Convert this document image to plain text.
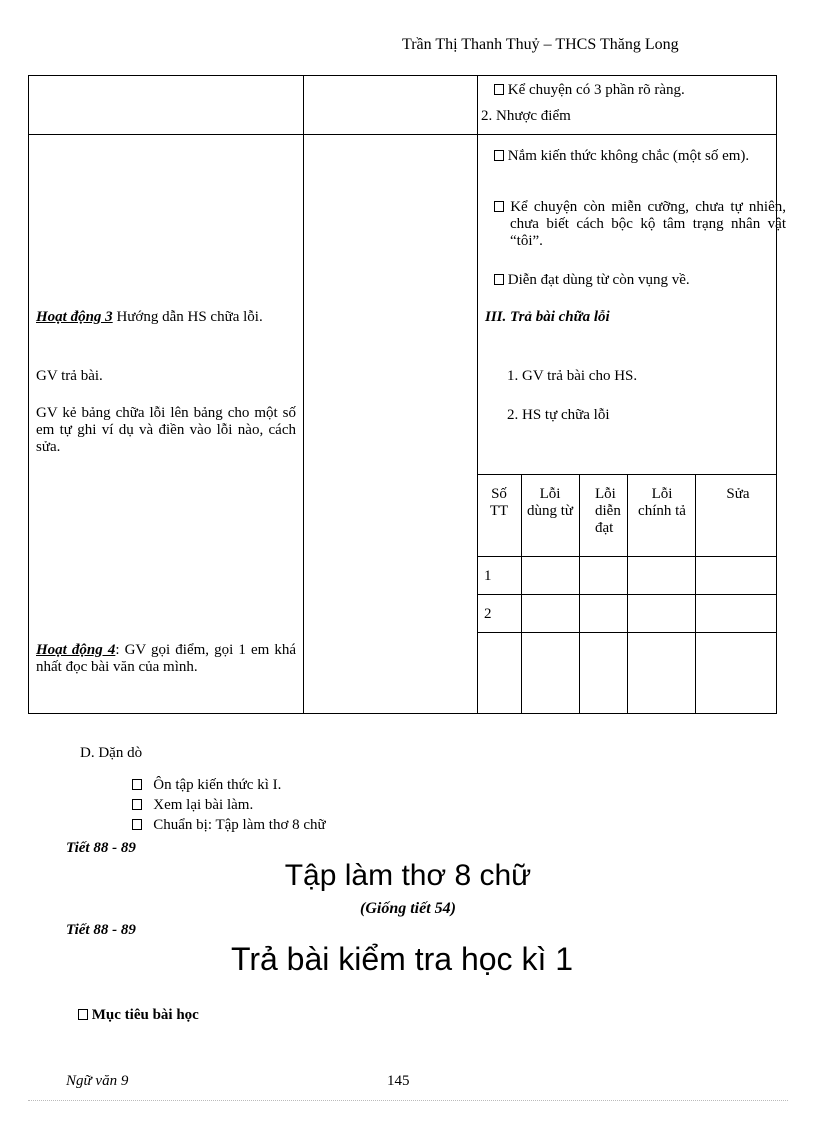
Trần Thị Thanh Thuỷ – THCS Thăng Long
Kể chuyện có 3 phần rõ ràng.
2. Nhược điểm
Nắm kiến thức không chắc (một số em).
Kể chuyện còn miễn cưỡng, chưa tự nhiên, chưa biết cách bộc kộ tâm trạng nhân vật “tôi”.
Diễn đạt dùng từ còn vụng về.
III. Trả bài chữa lỗi
1. GV trả bài cho HS.
2. HS tự chữa lỗi
Hoạt động 3 Hướng dẫn HS chữa lỗi.
GV trả bài.
GV kẻ bảng chữa lỗi lên bảng cho một số em tự ghi ví dụ và điền vào lỗi nào, cách sửa.
Hoạt động 4: GV gọi điểm, gọi 1 em khá nhất đọc bài văn của mình.
Số TT
Lỗi dùng từ
Lỗi diễn đạt
Lỗi chính tả
Sửa
1
2
D. Dặn dò
Ôn tập kiến thức kì I.
Xem lại bài làm.
Chuẩn bị: Tập làm thơ 8 chữ
Tiết 88 - 89
Tập làm thơ 8 chữ
(Giống tiết 54)
Tiết 88 - 89
Trả bài kiểm tra học kì 1
Mục tiêu bài học
Ngữ văn 9	145
